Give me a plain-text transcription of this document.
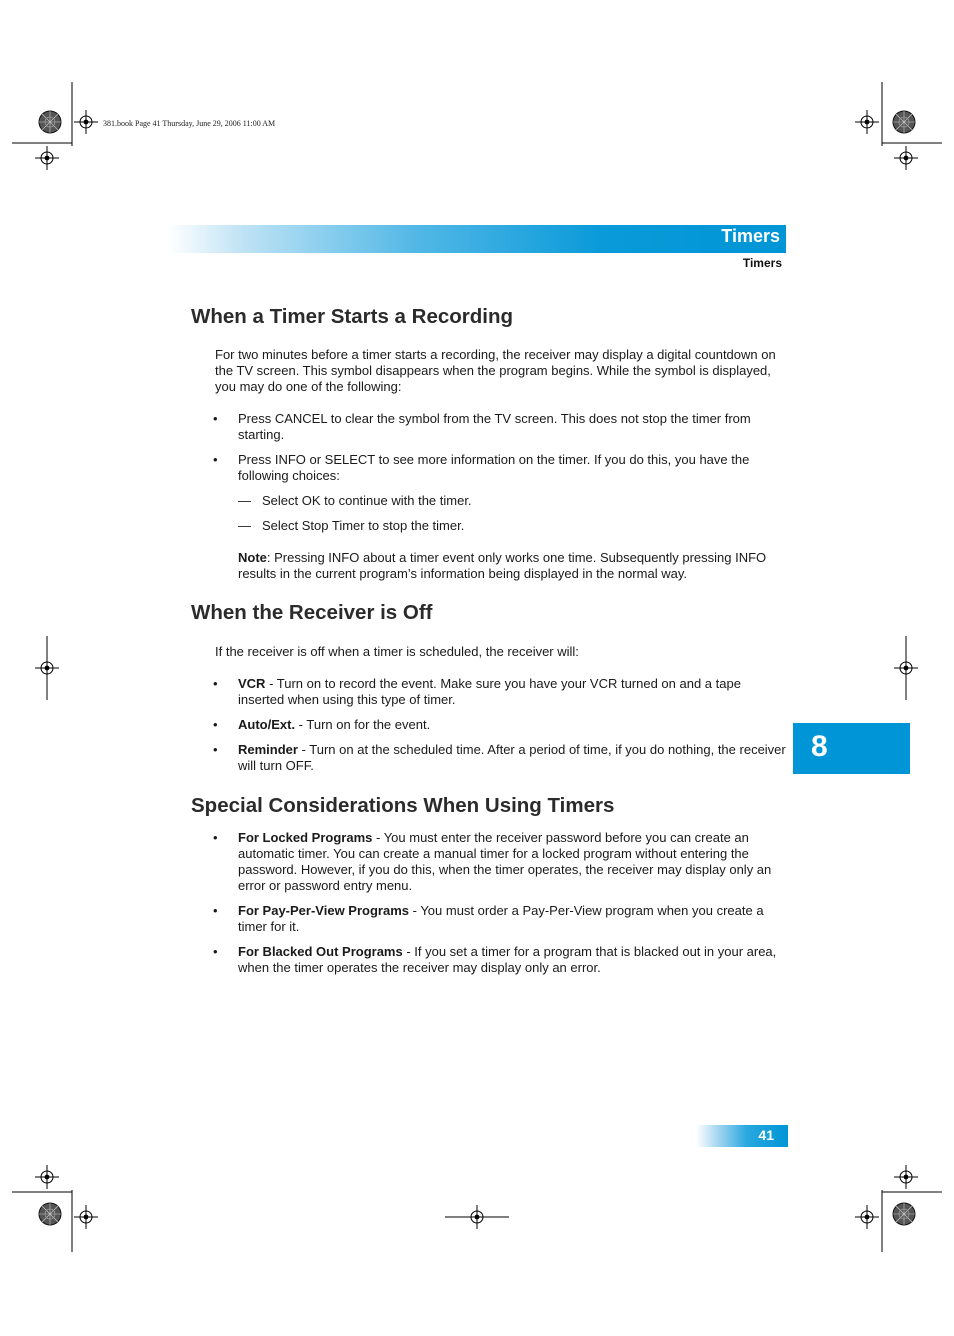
381.book Page 41 Thursday, June 29, 2006 11:00 AM
Timers
Timers
When a Timer Starts a Recording

For two minutes before a timer starts a recording, the receiver may display a digital countdown on the TV screen. This symbol disappears when the program begins. While the symbol is displayed, you may do one of the following:

• Press CANCEL to clear the symbol from the TV screen. This does not stop the timer from starting.
• Press INFO or SELECT to see more information on the timer. If you do this, you have the following choices:
— Select OK to continue with the timer.
— Select Stop Timer to stop the timer.

Note: Pressing INFO about a timer event only works one time. Subsequently pressing INFO results in the current program’s information being displayed in the normal way.

When the Receiver is Off

If the receiver is off when a timer is scheduled, the receiver will:

• VCR - Turn on to record the event. Make sure you have your VCR turned on and a tape inserted when using this type of timer.
• Auto/Ext. - Turn on for the event.
• Reminder - Turn on at the scheduled time. After a period of time, if you do nothing, the receiver will turn OFF.
Special Considerations When Using Timers
• For Locked Programs - You must enter the receiver password before you can create an automatic timer. You can create a manual timer for a locked program without entering the password. However, if you do this, when the timer operates, the receiver may display only an error or password entry menu.
• For Pay-Per-View Programs - You must order a Pay-Per-View program when you create a timer for it.
• For Blacked Out Programs - If you set a timer for a program that is blacked out in your area, when the timer operates the receiver may display only an error.
8
41
